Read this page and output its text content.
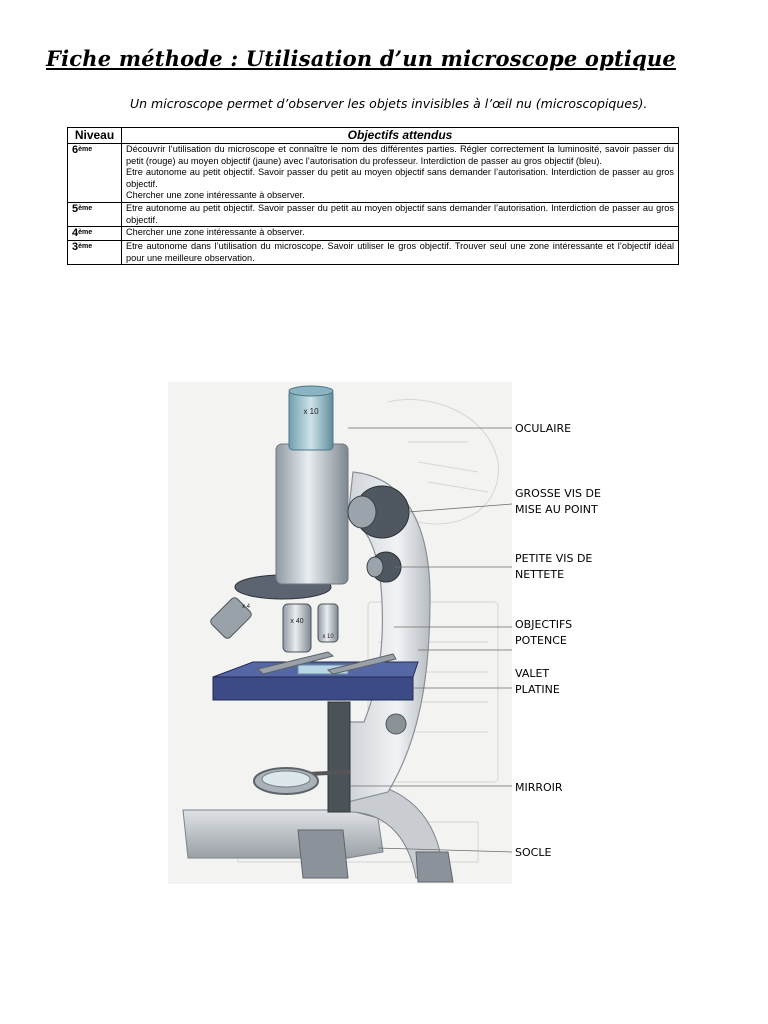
Fiche méthode : Utilisation d’un microscope optique

Un microscope permet d’observer les objets invisibles à l’œil nu (microscopiques).

Niveau	Objectifs attendus
6ème	Découvrir l’utilisation du microscope et connaître le nom des différentes parties. Régler correctement la luminosité, savoir passer du petit (rouge) au moyen objectif (jaune) avec l’autorisation du professeur. Interdiction de passer au gros objectif (bleu).
Etre autonome au petit objectif. Savoir passer du petit au moyen objectif sans demander l’autorisation. Interdiction de passer au gros objectif.
Chercher une zone intéressante à observer.

5ème	Etre autonome au petit objectif. Savoir passer du petit au moyen objectif sans demander l’autorisation. Interdiction de passer au gros objectif.

4ème	Chercher une zone intéressante à observer.

3ème	Etre autonome dans l’utilisation du microscope. Savoir utiliser le gros objectif. Trouver seul une zone intéressante et l’objectif idéal pour une meilleure observation.
x 40
x 10
x 4
x 10
OCULAIRE
GROSSE VIS DE
MISE AU POINT
PETITE VIS DE
NETTETE
OBJECTIFS
POTENCE
VALET
PLATINE
MIRROIR
SOCLE
